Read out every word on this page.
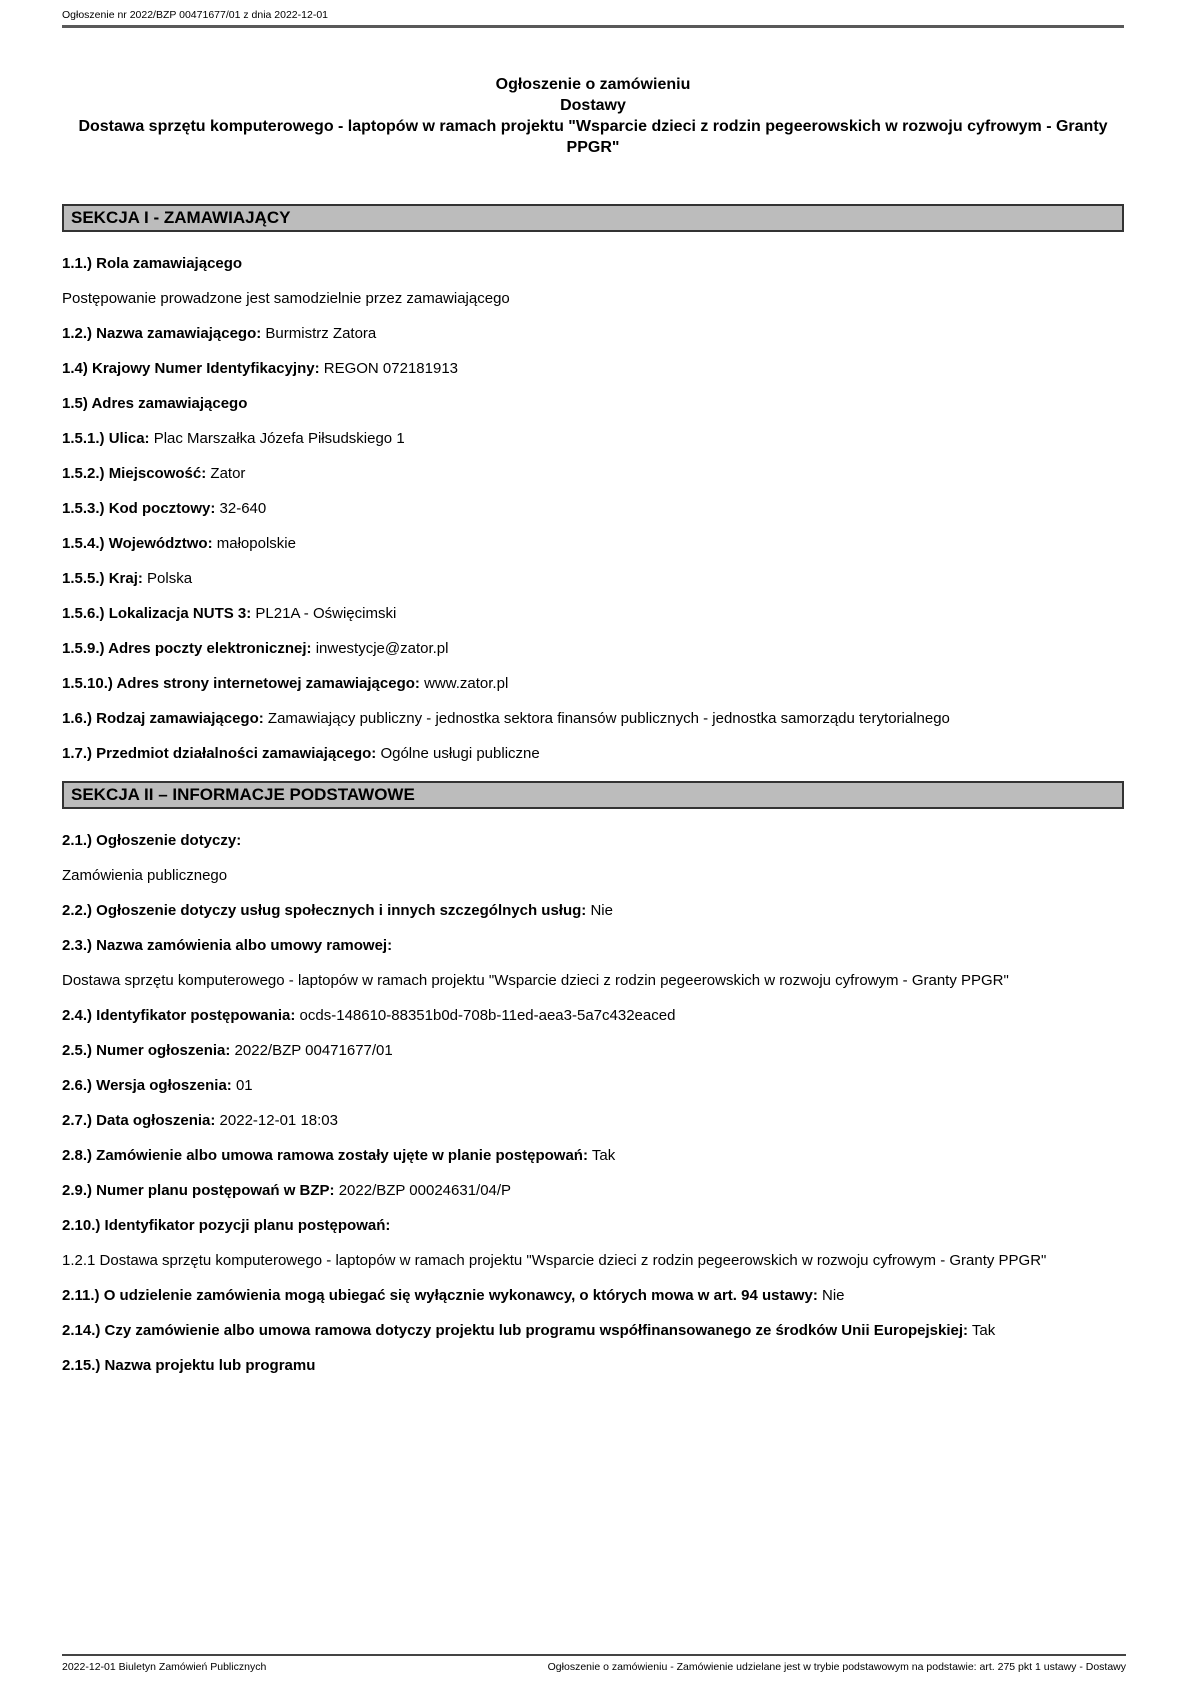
Ogłoszenie nr 2022/BZP 00471677/01 z dnia 2022-12-01
Ogłoszenie o zamówieniu
Dostawy
Dostawa sprzętu komputerowego - laptopów w ramach projektu "Wsparcie dzieci z rodzin pegeerowskich w rozwoju cyfrowym - Granty PPGR"
SEKCJA I - ZAMAWIAJĄCY

1.1.) Rola zamawiającego

Postępowanie prowadzone jest samodzielnie przez zamawiającego

1.2.) Nazwa zamawiającego: Burmistrz Zatora

1.4) Krajowy Numer Identyfikacyjny: REGON 072181913

1.5) Adres zamawiającego

1.5.1.) Ulica: Plac Marszałka Józefa Piłsudskiego 1

1.5.2.) Miejscowość: Zator

1.5.3.) Kod pocztowy: 32-640

1.5.4.) Województwo: małopolskie

1.5.5.) Kraj: Polska

1.5.6.) Lokalizacja NUTS 3: PL21A - Oświęcimski

1.5.9.) Adres poczty elektronicznej: inwestycje@zator.pl

1.5.10.) Adres strony internetowej zamawiającego: www.zator.pl

1.6.) Rodzaj zamawiającego: Zamawiający publiczny - jednostka sektora finansów publicznych - jednostka samorządu terytorialnego

1.7.) Przedmiot działalności zamawiającego: Ogólne usługi publiczne

SEKCJA II – INFORMACJE PODSTAWOWE

2.1.) Ogłoszenie dotyczy:

Zamówienia publicznego

2.2.) Ogłoszenie dotyczy usług społecznych i innych szczególnych usług: Nie

2.3.) Nazwa zamówienia albo umowy ramowej:

Dostawa sprzętu komputerowego - laptopów w ramach projektu "Wsparcie dzieci z rodzin pegeerowskich w rozwoju cyfrowym - Granty PPGR"

2.4.) Identyfikator postępowania: ocds-148610-88351b0d-708b-11ed-aea3-5a7c432eaced

2.5.) Numer ogłoszenia: 2022/BZP 00471677/01

2.6.) Wersja ogłoszenia: 01

2.7.) Data ogłoszenia: 2022-12-01 18:03

2.8.) Zamówienie albo umowa ramowa zostały ujęte w planie postępowań: Tak

2.9.) Numer planu postępowań w BZP: 2022/BZP 00024631/04/P

2.10.) Identyfikator pozycji planu postępowań:

1.2.1 Dostawa sprzętu komputerowego - laptopów w ramach projektu "Wsparcie dzieci z rodzin pegeerowskich w rozwoju cyfrowym - Granty PPGR"

2.11.) O udzielenie zamówienia mogą ubiegać się wyłącznie wykonawcy, o których mowa w art. 94 ustawy: Nie

2.14.) Czy zamówienie albo umowa ramowa dotyczy projektu lub programu współfinansowanego ze środków Unii Europejskiej: Tak

2.15.) Nazwa projektu lub programu

2022-12-01 Biuletyn Zamówień Publicznych	Ogłoszenie o zamówieniu - Zamówienie udzielane jest w trybie podstawowym na podstawie: art. 275 pkt 1 ustawy - Dostawy
